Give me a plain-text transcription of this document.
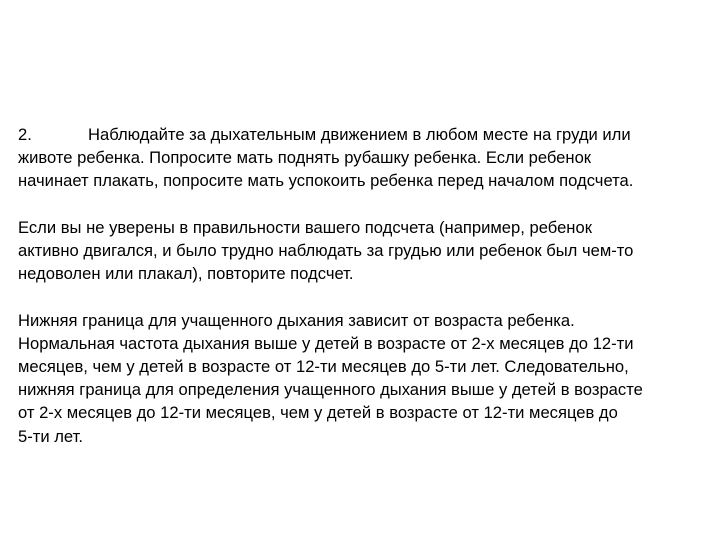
2.	Наблюдайте за дыхательным движением в любом месте на груди или
животе ребенка. Попросите мать поднять рубашку ребенка. Если ребенок
начинает плакать, попросите мать успокоить ребенка перед началом подсчета.
Если вы не уверены в правильности вашего подсчета (например, ребенок
активно двигался, и было трудно наблюдать за грудью или ребенок был чем-то
недоволен или плакал), повторите подсчет.
Нижняя граница для учащенного дыхания зависит от возраста ребенка.
Нормальная частота дыхания выше у детей в возрасте от 2-х месяцев до 12-ти
месяцев, чем у детей в возрасте от 12-ти месяцев до 5-ти лет. Следовательно,
нижняя граница для определения учащенного дыхания выше у детей в возрасте
от 2-х месяцев до 12-ти месяцев, чем у детей в возрасте от 12-ти месяцев до
5-ти лет.
